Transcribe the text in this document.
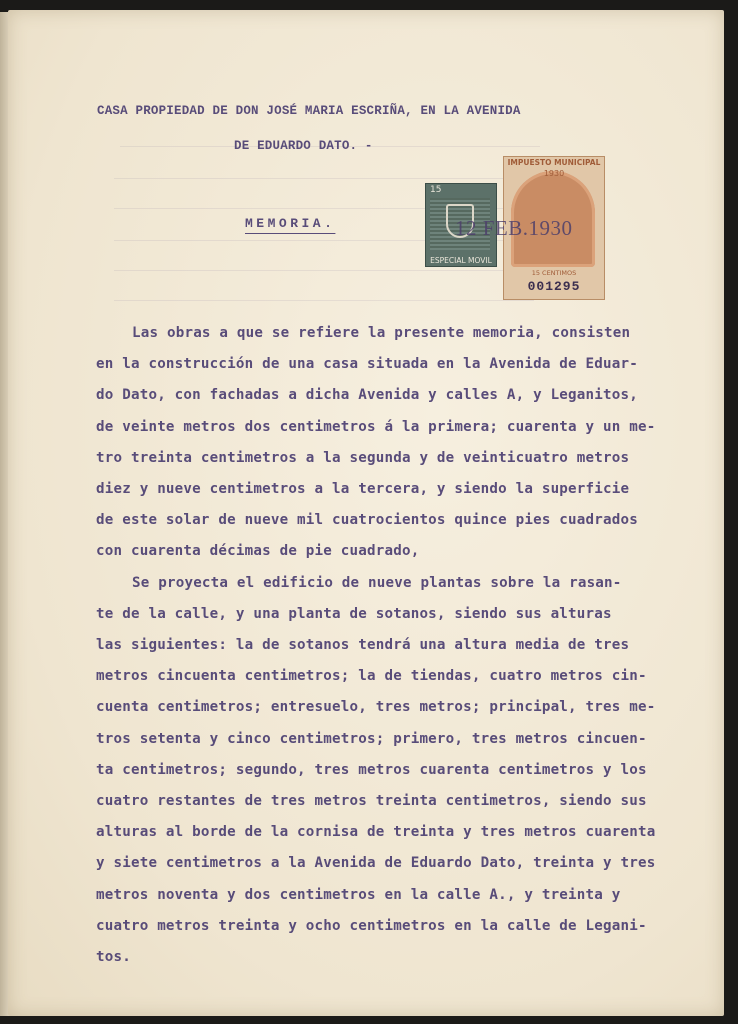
CASA PROPIEDAD DE DON JOSÉ MARIA ESCRIÑA, EN LA AVENIDA
DE EDUARDO DATO. -
MEMORIA.
15
ESPECIAL MOVIL
IMPUESTO MUNICIPAL
1930
15 CENTIMOS
001295
12 FEB.1930
Las obras a que se refiere la presente memoria, consisten
en la construcción de una casa situada en la Avenida de Eduar-
do Dato, con fachadas a dicha Avenida y calles A, y Leganitos,
de veinte metros dos centimetros á la primera; cuarenta y un me-
tro treinta centimetros a la segunda y de veinticuatro metros
diez y nueve centimetros a la tercera, y siendo la superficie
de este solar de nueve mil cuatrocientos quince pies cuadrados
con cuarenta décimas de pie cuadrado,
Se proyecta el edificio de nueve plantas sobre la rasan-
te de la calle, y una planta de sotanos, siendo sus alturas
las siguientes: la de sotanos tendrá una altura media de tres
metros cincuenta centimetros; la de tiendas, cuatro metros cin-
cuenta centimetros; entresuelo, tres metros; principal, tres me-
tros setenta y cinco centimetros; primero, tres metros cincuen-
ta centimetros; segundo, tres metros cuarenta centimetros y los
cuatro restantes de tres metros treinta centimetros, siendo sus
alturas al borde de la cornisa de treinta y tres metros cuarenta
y siete centimetros a la Avenida de Eduardo Dato, treinta y tres
metros noventa y dos centimetros en la calle A., y treinta y
cuatro metros treinta y ocho centimetros en la calle de Legani-
tos.
